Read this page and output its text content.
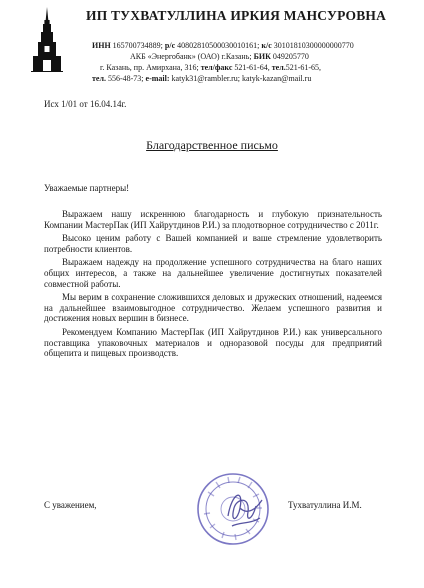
ИП ТУХВАТУЛЛИНА ИРКИЯ МАНСУРОВНА
ИНН 165700734889; р/с 40802810500030010161; к/с 30101810300000000770
АКБ «Энергобанк» (ОАО) г.Казань; БИК 049205770
г. Казань, пр. Амирхана, 316; тел/факс 521-61-64, тел.521-61-65,
тел. 556-48-73; e-mail: katyk31@rambler.ru; katyk-kazan@mail.ru
Исх 1/01 от 16.04.14г.
Благодарственное письмо
Уважаемые партнеры!

Выражаем нашу искреннюю благодарность и глубокую признательность Компании МастерПак (ИП Хайрутдинов Р.И.) за плодотворное сотрудничество с 2011г.

Высоко ценим работу с Вашей компанией и ваше стремление удовлетворить потребности клиентов.

Выражаем надежду на продолжение успешного сотрудничества на благо наших общих интересов, а также на дальнейшее увеличение достигнутых показателей совместной работы.

Мы верим в сохранение сложившихся деловых и дружеских отношений, надеемся на дальнейшее взаимовыгодное сотрудничество. Желаем успешного развития и достижения новых вершин в бизнесе.

Рекомендуем Компанию МастерПак (ИП Хайрутдинов Р.И.) как универсального поставщика упаковочных материалов и одноразовой посуды для предприятий общепита и пищевых производств.

С уважением,	Тухватуллина И.М.
